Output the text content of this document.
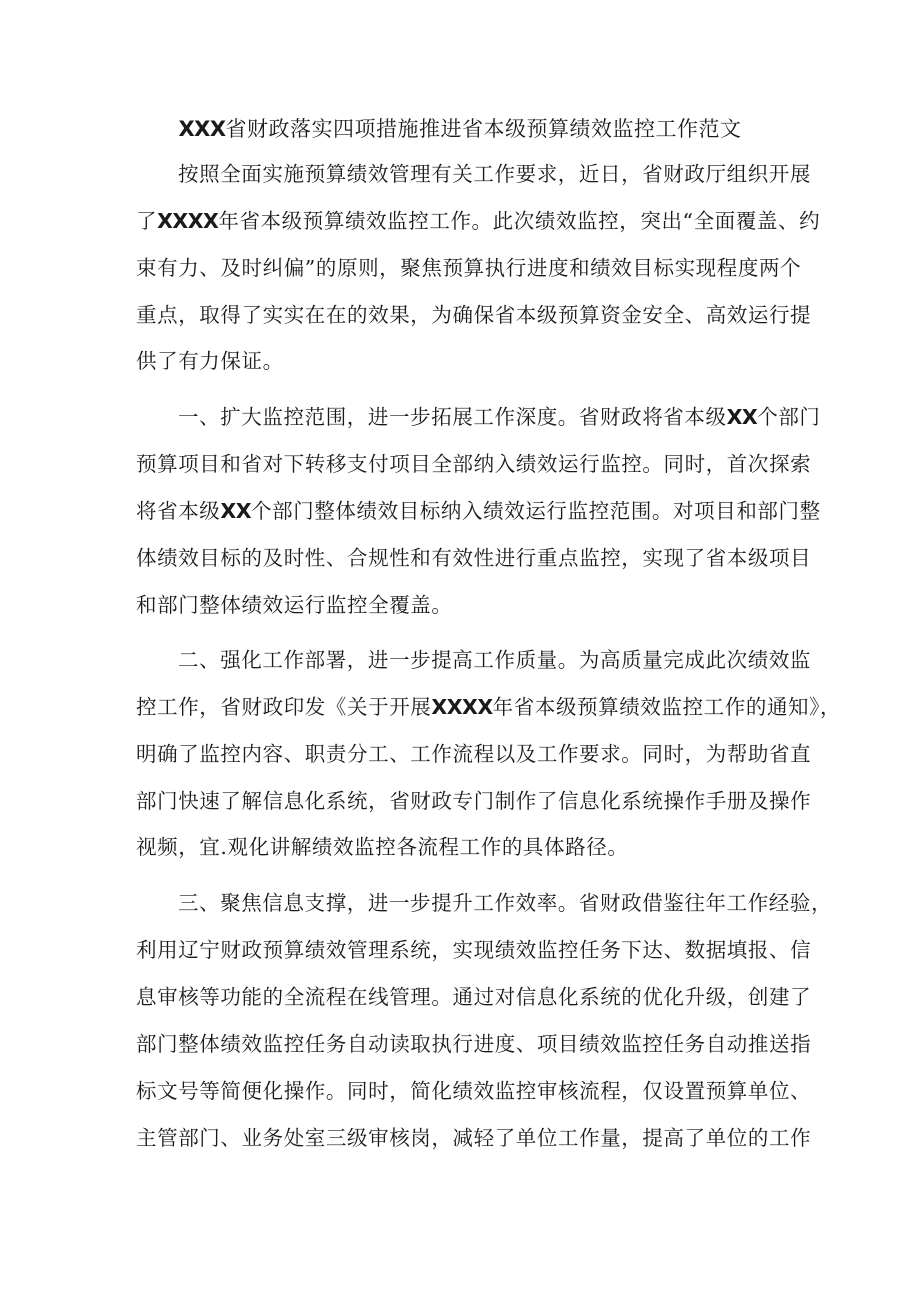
XXX省财政落实四项措施推进省本级预算绩效监控工作范文
按照全面实施预算绩效管理有关工作要求，近日，省财政厅组织开展
了XXXX年省本级预算绩效监控工作。此次绩效监控，突出“全面覆盖、约
束有力、及时纠偏”的原则，聚焦预算执行进度和绩效目标实现程度两个
重点，取得了实实在在的效果，为确保省本级预算资金安全、高效运行提
供了有力保证。
一、扩大监控范围，进一步拓展工作深度。省财政将省本级XX个部门
预算项目和省对下转移支付项目全部纳入绩效运行监控。同时，首次探索
将省本级XX个部门整体绩效目标纳入绩效运行监控范围。对项目和部门整
体绩效目标的及时性、合规性和有效性进行重点监控，实现了省本级项目
和部门整体绩效运行监控全覆盖。
二、强化工作部署，进一步提高工作质量。为高质量完成此次绩效监
控工作，省财政印发《关于开展XXXX年省本级预算绩效监控工作的通知》，
明确了监控内容、职责分工、工作流程以及工作要求。同时，为帮助省直
部门快速了解信息化系统，省财政专门制作了信息化系统操作手册及操作
视频，宜.观化讲解绩效监控各流程工作的具体路径。
三、聚焦信息支撑，进一步提升工作效率。省财政借鉴往年工作经验，
利用辽宁财政预算绩效管理系统，实现绩效监控任务下达、数据填报、信
息审核等功能的全流程在线管理。通过对信息化系统的优化升级，创建了
部门整体绩效监控任务自动读取执行进度、项目绩效监控任务自动推送指
标文号等简便化操作。同时，简化绩效监控审核流程，仅设置预算单位、
主管部门、业务处室三级审核岗，减轻了单位工作量，提高了单位的工作
